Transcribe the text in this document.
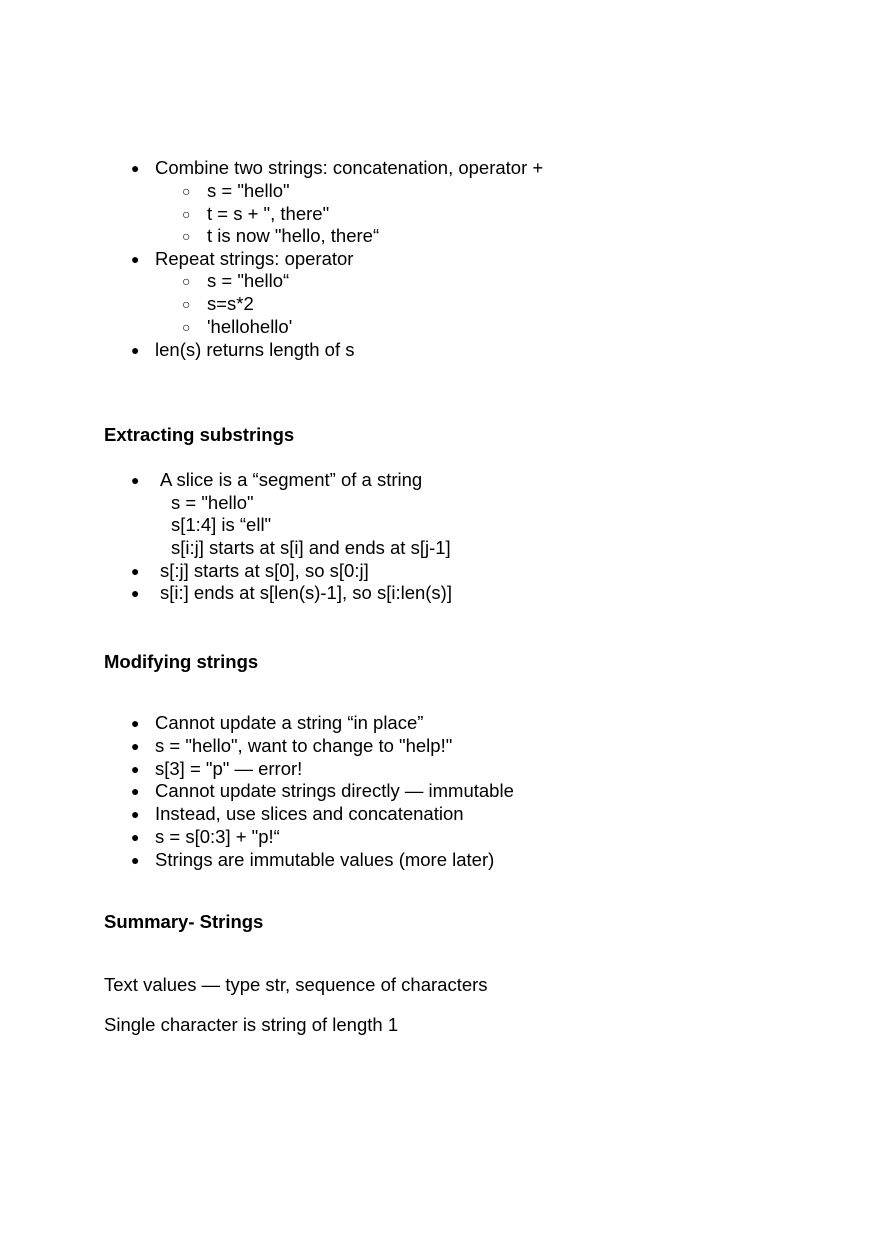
● Combine two strings: concatenation, operator +
○ s = "hello"
○ t = s + ", there"
○ t is now "hello, there“
● Repeat strings: operator
○ s = "hello“
○ s=s*2
○ 'hellohello'
● len(s) returns length of s
Extracting substrings
● A slice is a “segment” of a string
s = "hello"
s[1:4] is “ell"
s[i:j] starts at s[i] and ends at s[j-1]
● s[:j] starts at s[0], so s[0:j]
● s[i:] ends at s[len(s)-1], so s[i:len(s)]
Modifying strings
● Cannot update a string “in place”
● s = "hello", want to change to "help!"
● s[3] = "p" — error!
● Cannot update strings directly — immutable
● Instead, use slices and concatenation
● s = s[0:3] + "p!“
● Strings are immutable values (more later)
Summary- Strings
Text values — type str, sequence of characters
Single character is string of length 1
